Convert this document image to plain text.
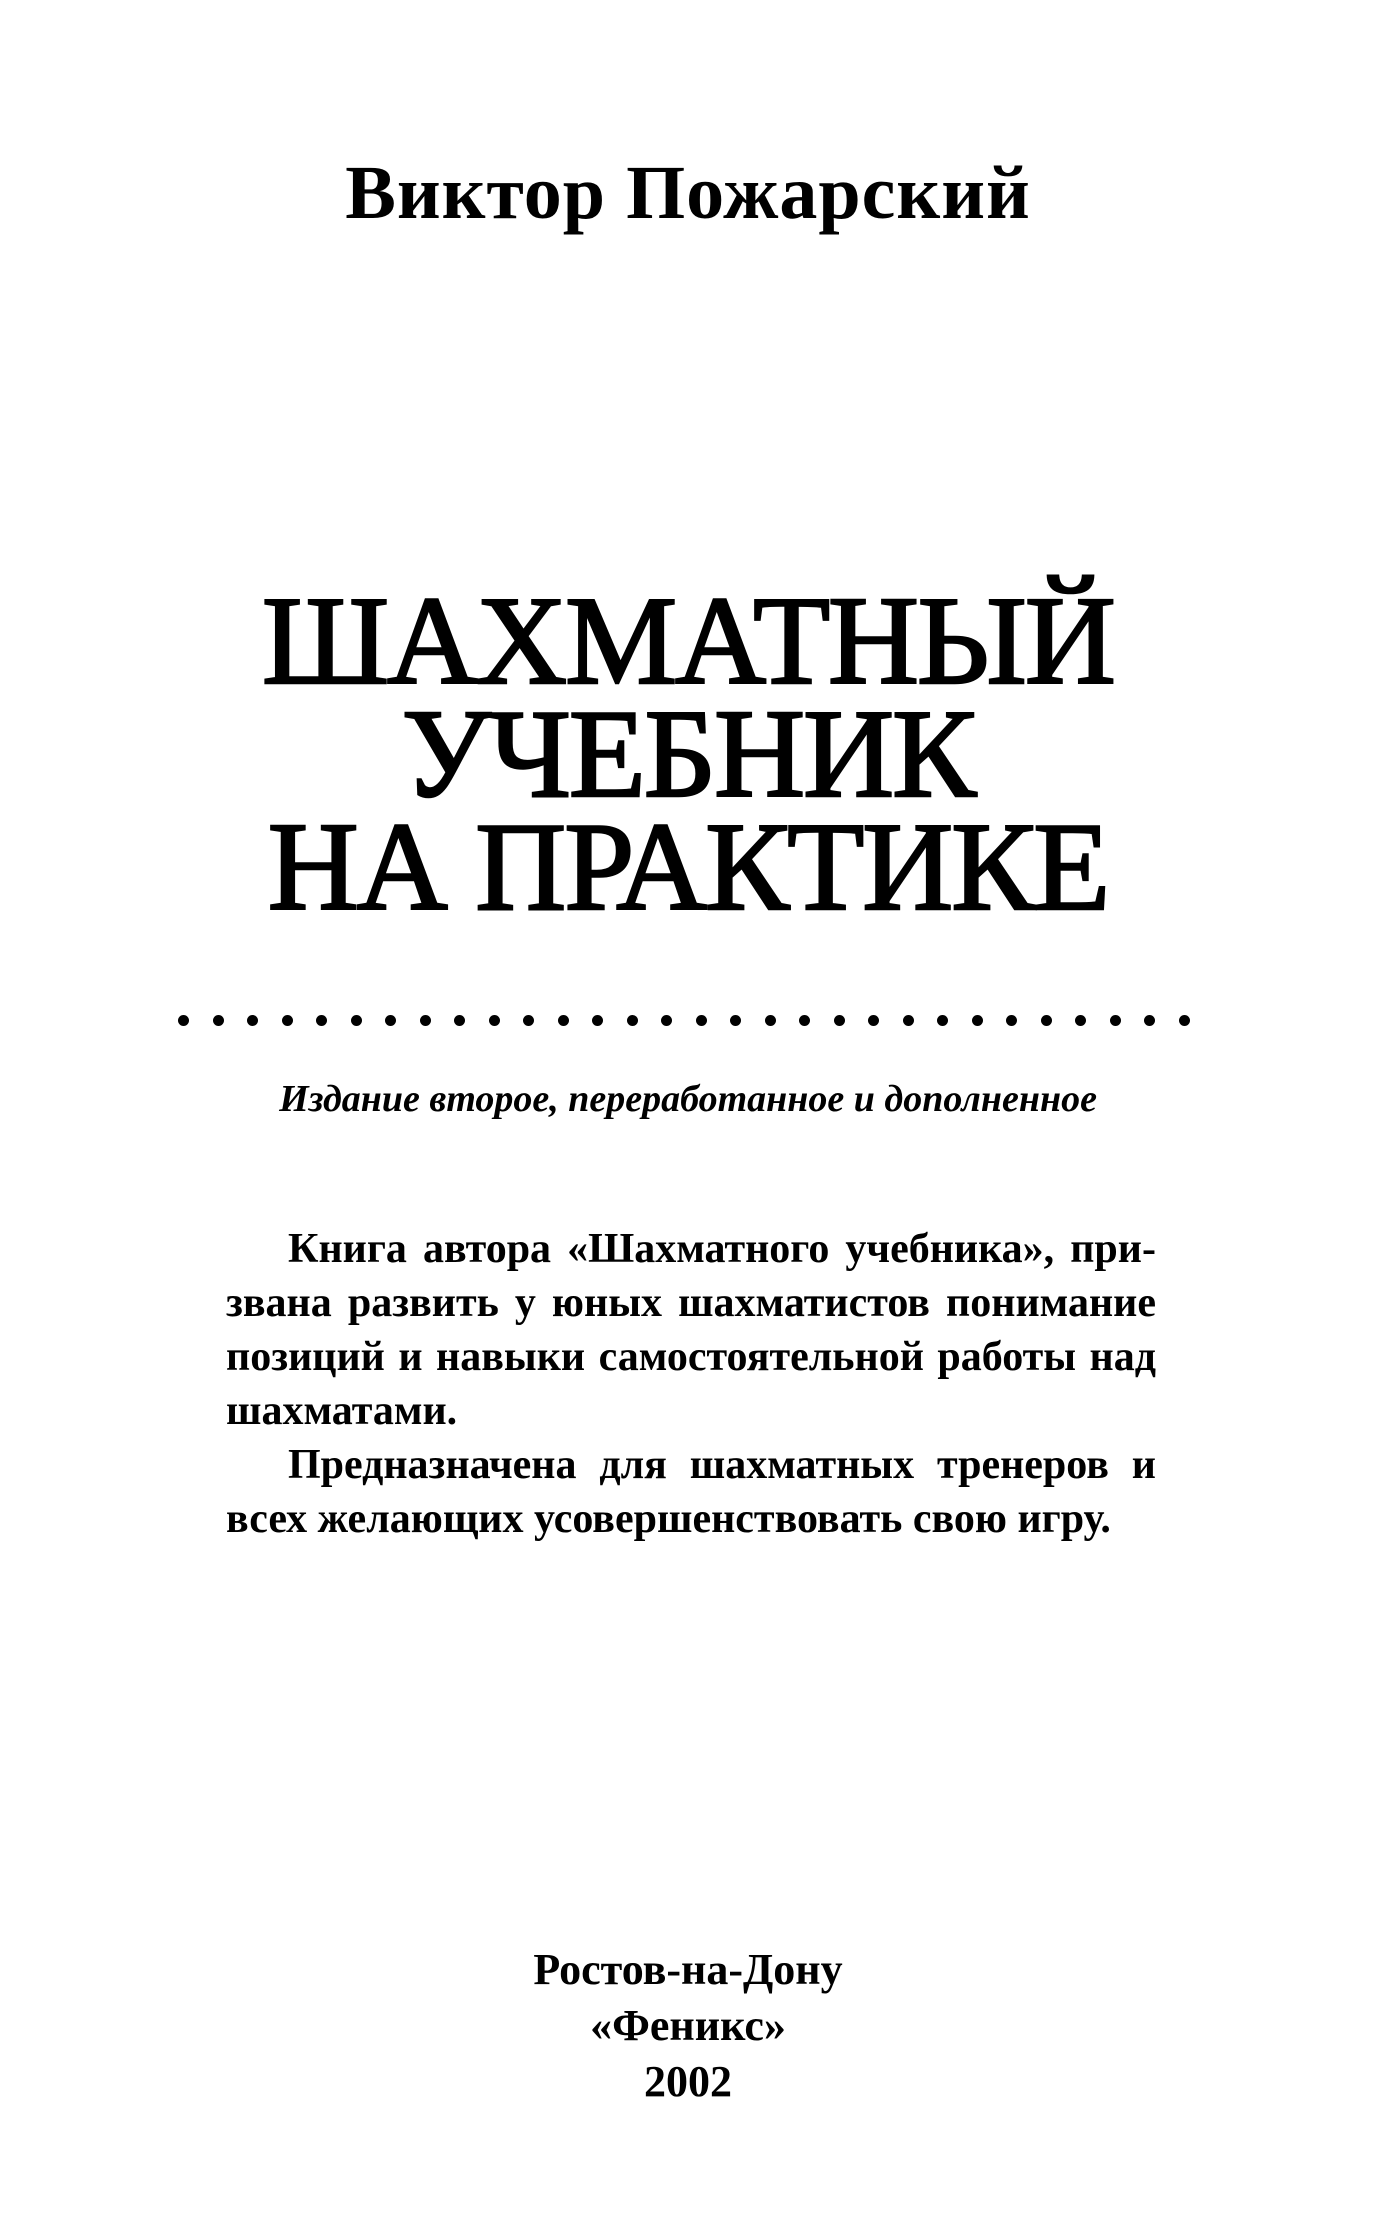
Виктор Пожарский
ШАХМАТНЫЙ
УЧЕБНИК
НА ПРАКТИКЕ
Издание второе, переработанное и дополненное

Книга автора «Шахматного учебника», призвана развить у юных шахматистов понимание позиций и навыки самостоятельной работы над шахматами.

Предназначена для шахматных тренеров и всех желающих усовершенствовать свою игру.

Ростов-на-Дону
«Феникс»
2002
